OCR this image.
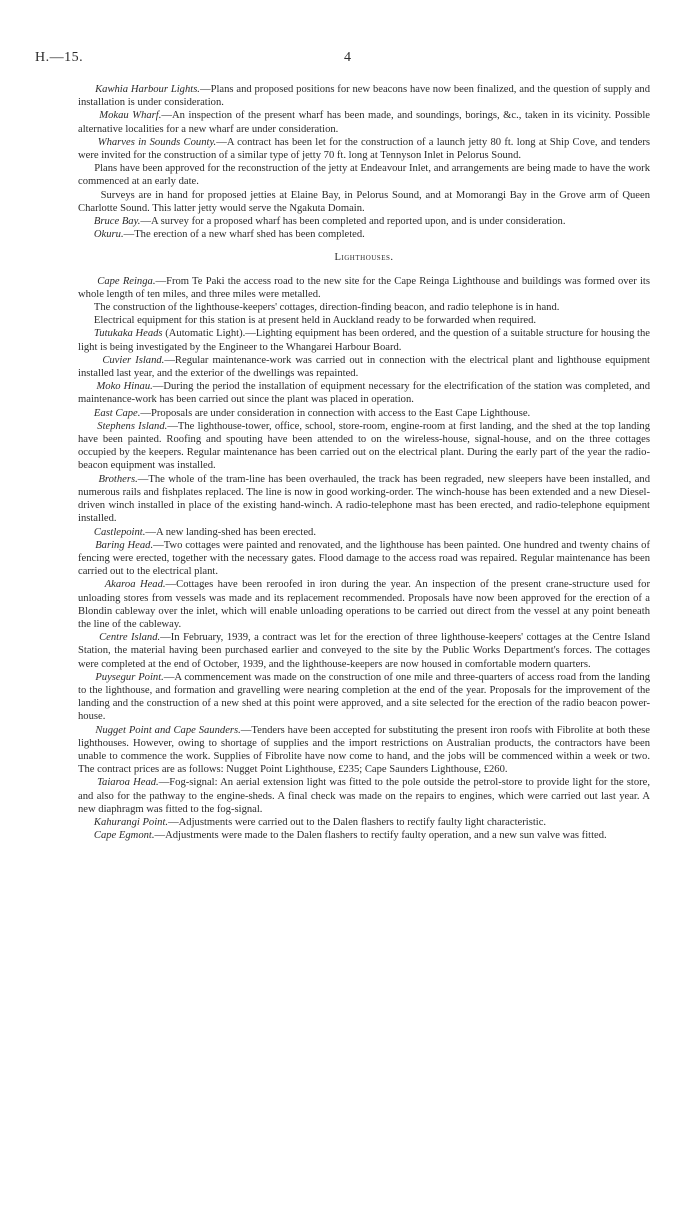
H.—15.	4

Kawhia Harbour Lights.—Plans and proposed positions for new beacons have now been finalized, and the question of supply and installation is under consideration.

Mokau Wharf.—An inspection of the present wharf has been made, and soundings, borings, &c., taken in its vicinity. Possible alternative localities for a new wharf are under consideration.

Wharves in Sounds County.—A contract has been let for the construction of a launch jetty 80 ft. long at Ship Cove, and tenders were invited for the construction of a similar type of jetty 70 ft. long at Tennyson Inlet in Pelorus Sound.

Plans have been approved for the reconstruction of the jetty at Endeavour Inlet, and arrangements are being made to have the work commenced at an early date.

Surveys are in hand for proposed jetties at Elaine Bay, in Pelorus Sound, and at Momorangi Bay in the Grove arm of Queen Charlotte Sound. This latter jetty would serve the Ngakuta Domain.

Bruce Bay.—A survey for a proposed wharf has been completed and reported upon, and is under consideration.

Okuru.—The erection of a new wharf shed has been completed.

Lighthouses.

Cape Reinga.—From Te Paki the access road to the new site for the Cape Reinga Lighthouse and buildings was formed over its whole length of ten miles, and three miles were metalled.

The construction of the lighthouse-keepers' cottages, direction-finding beacon, and radio telephone is in hand.

Electrical equipment for this station is at present held in Auckland ready to be forwarded when required.

Tutukaka Heads (Automatic Light).—Lighting equipment has been ordered, and the question of a suitable structure for housing the light is being investigated by the Engineer to the Whangarei Harbour Board.

Cuvier Island.—Regular maintenance-work was carried out in connection with the electrical plant and lighthouse equipment installed last year, and the exterior of the dwellings was repainted.

Moko Hinau.—During the period the installation of equipment necessary for the electrification of the station was completed, and maintenance-work has been carried out since the plant was placed in operation.

East Cape.—Proposals are under consideration in connection with access to the East Cape Lighthouse.

Stephens Island.—The lighthouse-tower, office, school, store-room, engine-room at first landing, and the shed at the top landing have been painted. Roofing and spouting have been attended to on the wireless-house, signal-house, and on the three cottages occupied by the keepers. Regular maintenance has been carried out on the electrical plant. During the early part of the year the radio-beacon equipment was installed.

Brothers.—The whole of the tram-line has been overhauled, the track has been regraded, new sleepers have been installed, and numerous rails and fishplates replaced. The line is now in good working-order. The winch-house has been extended and a new Diesel-driven winch installed in place of the existing hand-winch. A radio-telephone mast has been erected, and radio-telephone equipment installed.

Castlepoint.—A new landing-shed has been erected.

Baring Head.—Two cottages were painted and renovated, and the lighthouse has been painted. One hundred and twenty chains of fencing were erected, together with the necessary gates. Flood damage to the access road was repaired. Regular maintenance has been carried out to the electrical plant.

Akaroa Head.—Cottages have been reroofed in iron during the year. An inspection of the present crane-structure used for unloading stores from vessels was made and its replacement recommended. Proposals have now been approved for the erection of a Blondin cableway over the inlet, which will enable unloading operations to be carried out direct from the vessel at any point beneath the line of the cableway.

Centre Island.—In February, 1939, a contract was let for the erection of three lighthouse-keepers' cottages at the Centre Island Station, the material having been purchased earlier and conveyed to the site by the Public Works Department's forces. The cottages were completed at the end of October, 1939, and the lighthouse-keepers are now housed in comfortable modern quarters.

Puysegur Point.—A commencement was made on the construction of one mile and three-quarters of access road from the landing to the lighthouse, and formation and gravelling were nearing completion at the end of the year. Proposals for the improvement of the landing and the construction of a new shed at this point were approved, and a site selected for the erection of the radio beacon power-house.

Nugget Point and Cape Saunders.—Tenders have been accepted for substituting the present iron roofs with Fibrolite at both these lighthouses. However, owing to shortage of supplies and the import restrictions on Australian products, the contractors have been unable to commence the work. Supplies of Fibrolite have now come to hand, and the jobs will be commenced within a week or two. The contract prices are as follows: Nugget Point Lighthouse, £235; Cape Saunders Lighthouse, £260.

Taiaroa Head.—Fog-signal: An aerial extension light was fitted to the pole outside the petrol-store to provide light for the store, and also for the pathway to the engine-sheds. A final check was made on the repairs to engines, which were carried out last year. A new diaphragm was fitted to the fog-signal.

Kahurangi Point.—Adjustments were carried out to the Dalen flashers to rectify faulty light characteristic.

Cape Egmont.—Adjustments were made to the Dalen flashers to rectify faulty operation, and a new sun valve was fitted.
